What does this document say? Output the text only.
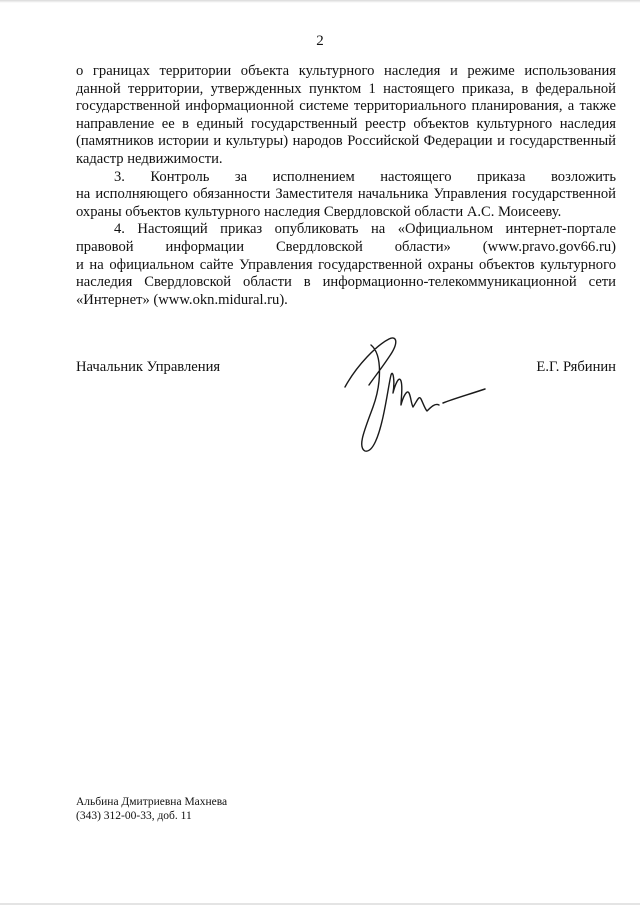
2

о границах территории объекта культурного наследия и режиме использования данной территории, утвержденных пунктом 1 настоящего приказа, в федеральной государственной информационной системе территориального планирования, а также направление ее в единый государственный реестр объектов культурного наследия (памятников истории и культуры) народов Российской Федерации и государственный кадастр недвижимости.

3. Контроль за исполнением настоящего приказа возложить
на исполняющего обязанности Заместителя начальника Управления государственной охраны объектов культурного наследия Свердловской области А.С. Моисееву.

4. Настоящий приказ опубликовать на «Официальном интернет-портале
правовой информации Свердловской области» (www.pravo.gov66.ru)
и на официальном сайте Управления государственной охраны объектов культурного наследия Свердловской области в информационно-телекоммуникационной сети «Интернет» (www.okn.midural.ru).

Начальник Управления	Е.Г. Рябинин
Альбина Дмитриевна Махнева
(343) 312-00-33, доб. 11
